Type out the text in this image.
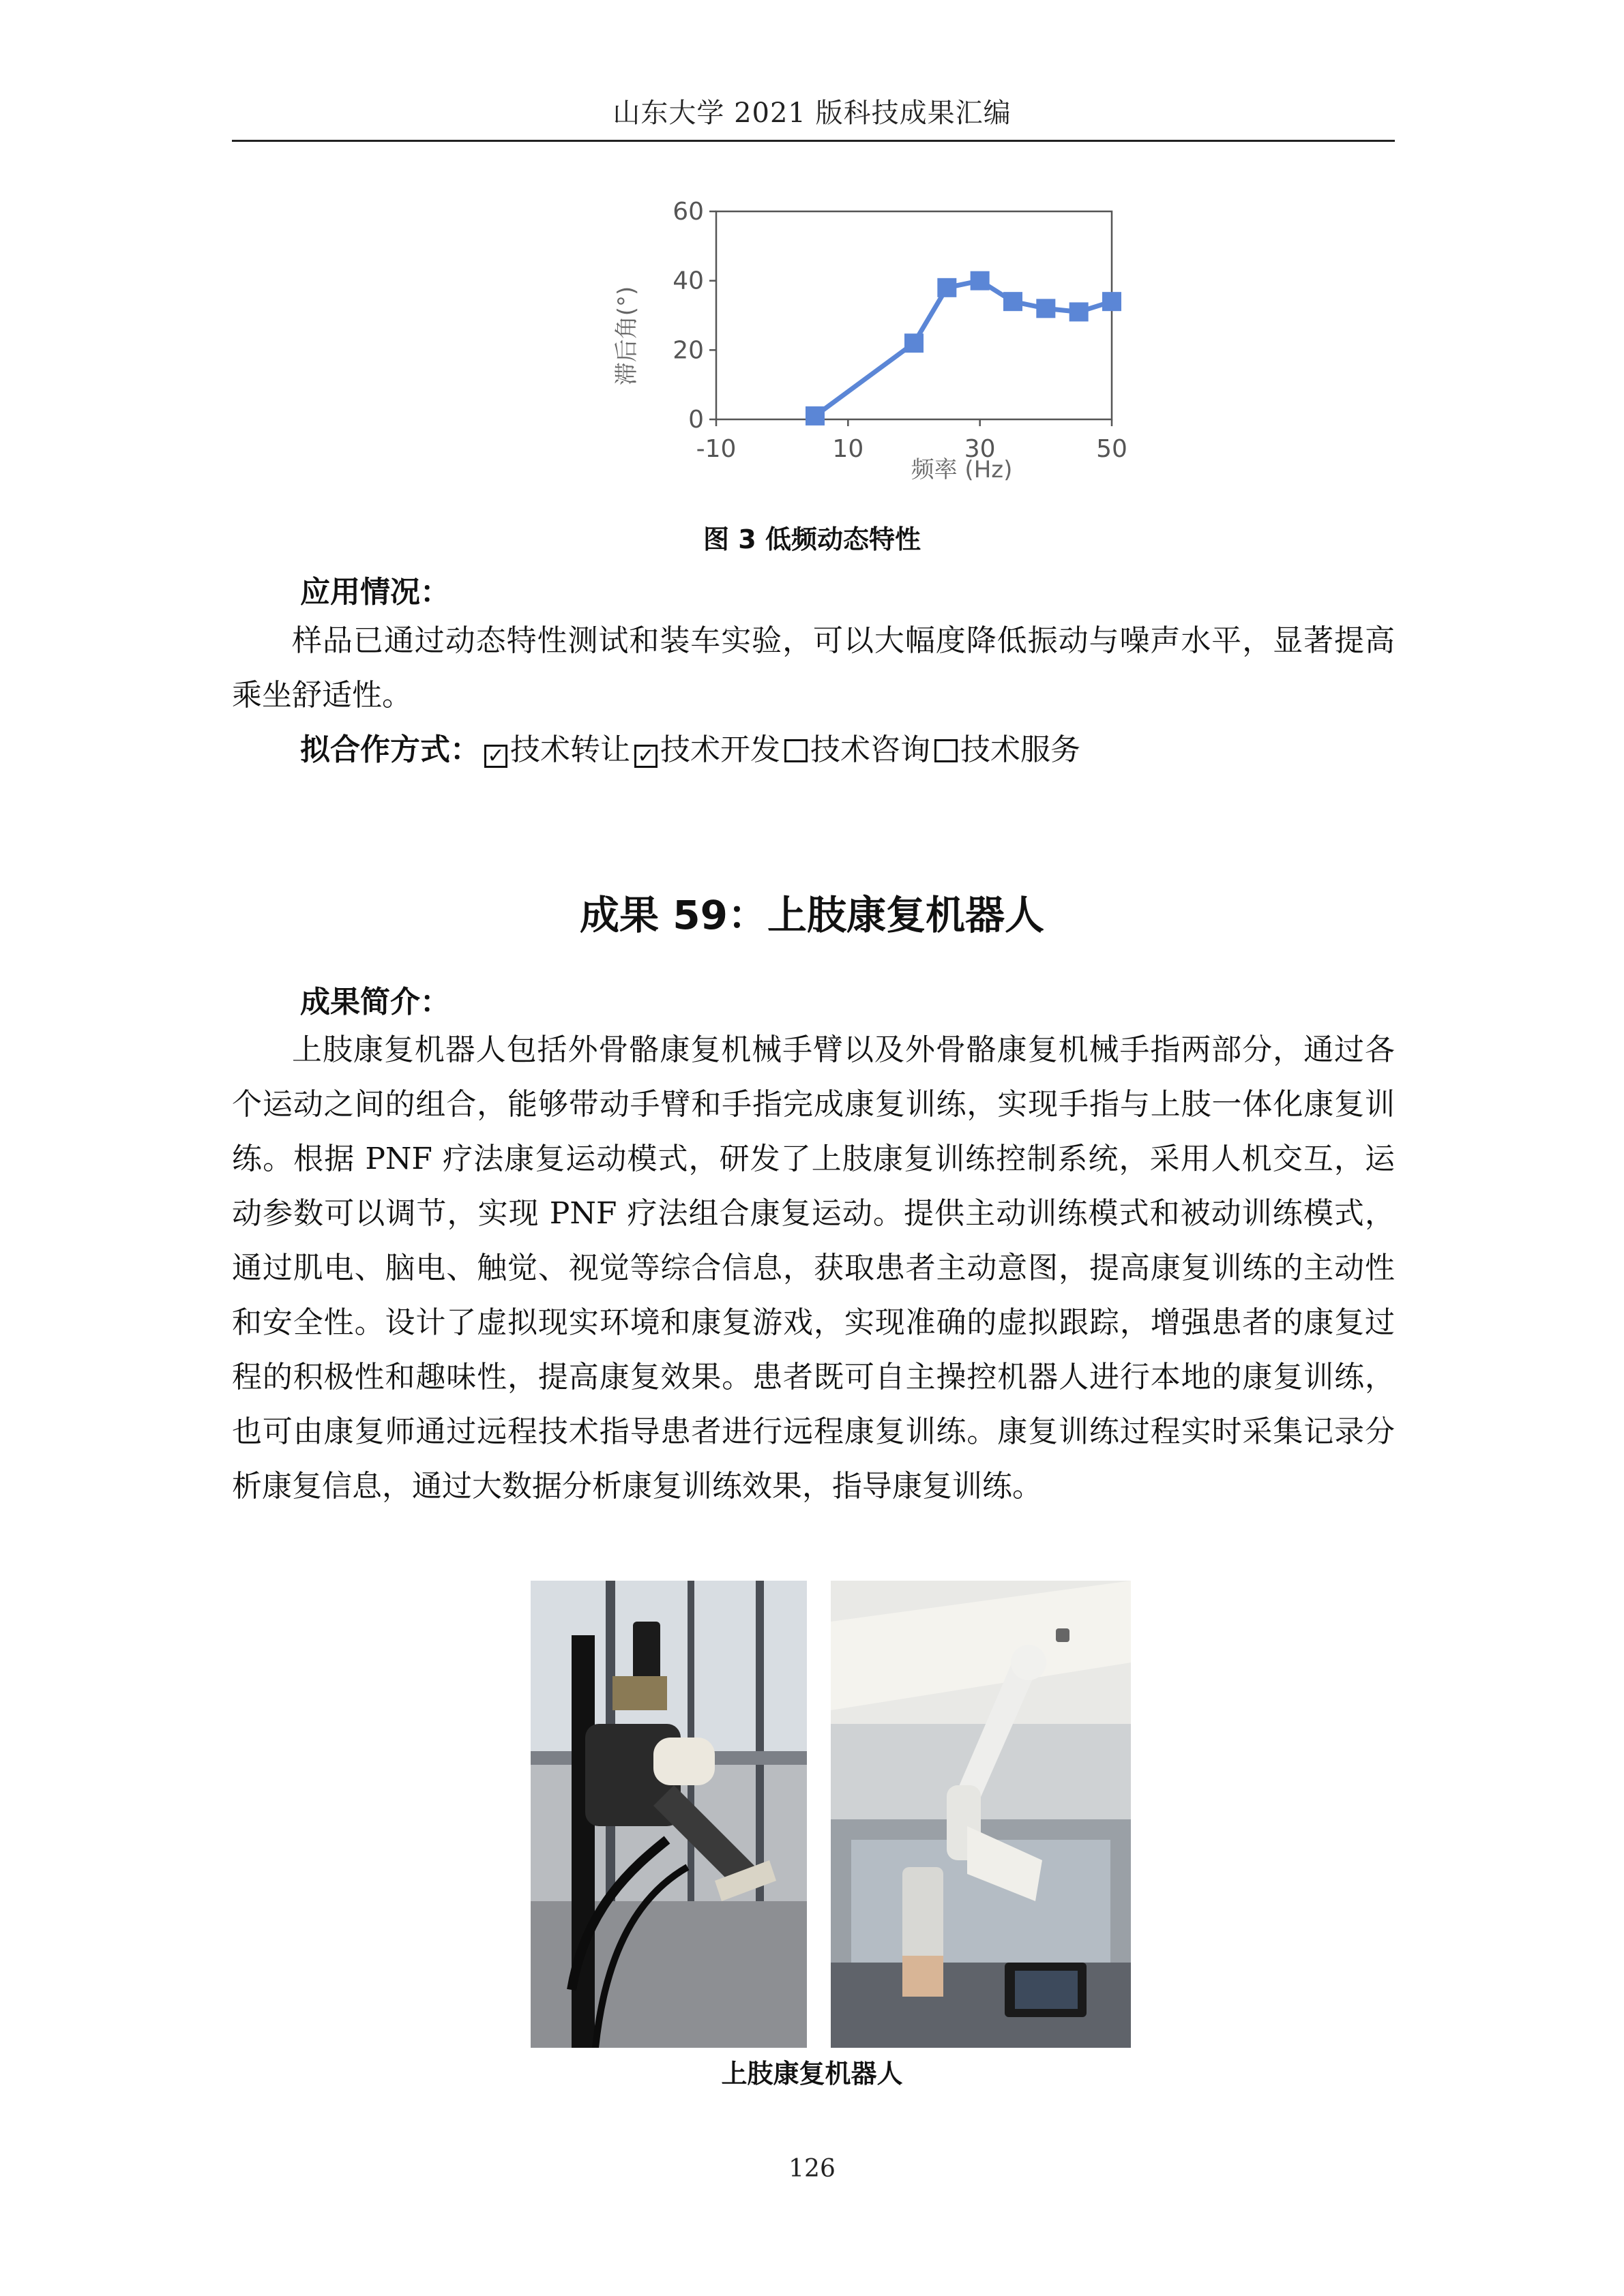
山东大学 2021 版科技成果汇编
0
20
40
60
-10	10	30	50
频率 (Hz)
滞后角(°)
图 3 低频动态特性
应用情况：

样品已通过动态特性测试和装车实验，可以大幅度降低振动与噪声水平，显著提高乘坐舒适性。

拟合作方式： ✓ 技术转让 ✓ 技术开发 技术咨询 技术服务
成果 59：上肢康复机器人
成果简介：

上肢康复机器人包括外骨骼康复机械手臂以及外骨骼康复机械手指两部分，通过各个运动之间的组合，能够带动手臂和手指完成康复训练，实现手指与上肢一体化康复训练。根据 PNF 疗法康复运动模式，研发了上肢康复训练控制系统，采用人机交互，运动参数可以调节，实现 PNF 疗法组合康复运动。提供主动训练模式和被动训练模式，通过肌电、脑电、触觉、视觉等综合信息，获取患者主动意图，提高康复训练的主动性和安全性。设计了虚拟现实环境和康复游戏，实现准确的虚拟跟踪，增强患者的康复过程的积极性和趣味性，提高康复效果。患者既可自主操控机器人进行本地的康复训练，也可由康复师通过远程技术指导患者进行远程康复训练。康复训练过程实时采集记录分析康复信息，通过大数据分析康复训练效果，指导康复训练。

上肢康复机器人
126
